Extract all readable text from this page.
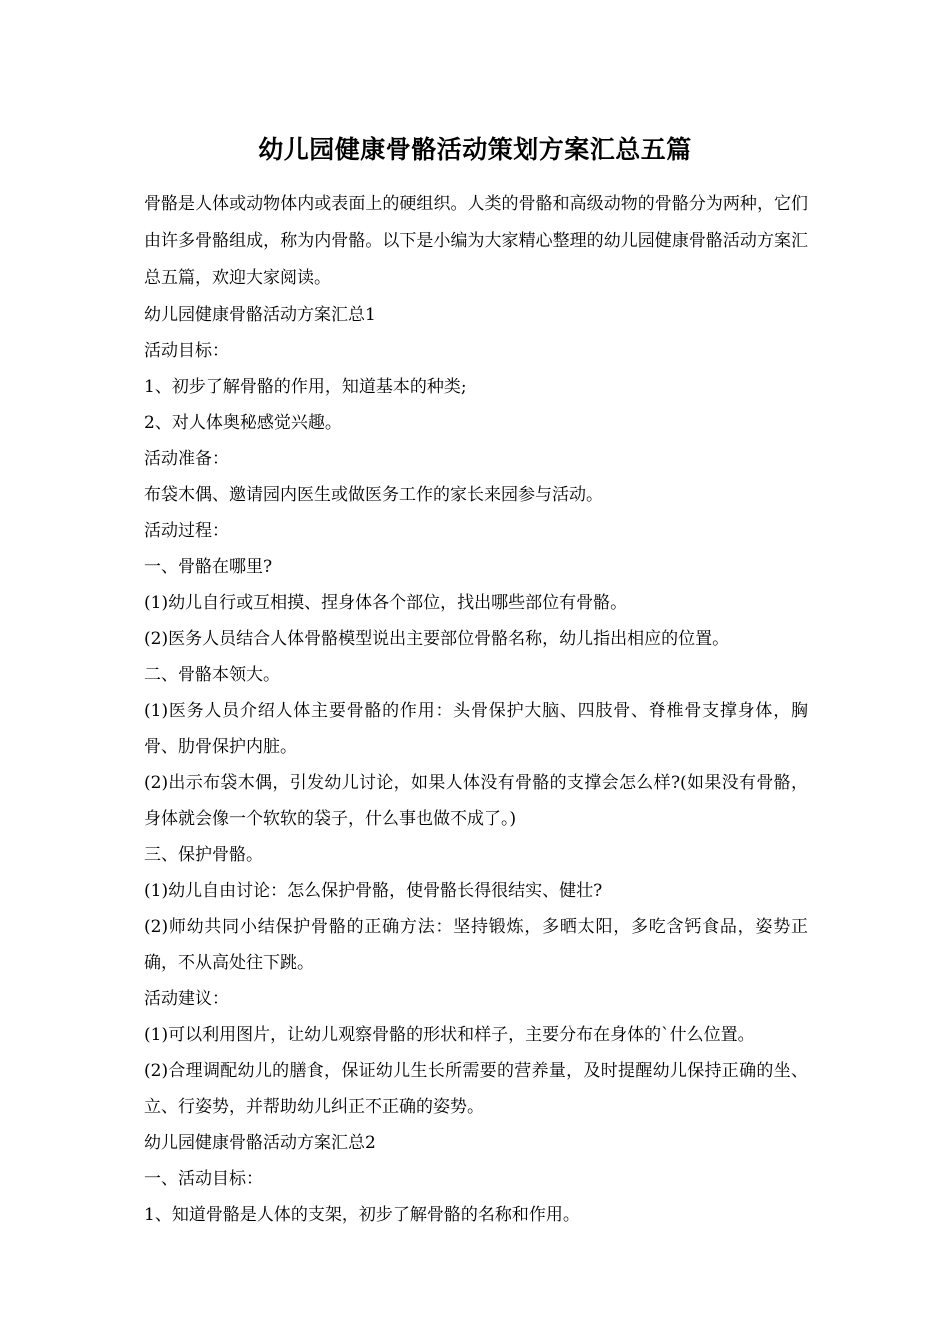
幼儿园健康骨骼活动策划方案汇总五篇

骨骼是人体或动物体内或表面上的硬组织。人类的骨骼和高级动物的骨骼分为两种，它们由许多骨骼组成，称为内骨骼。以下是小编为大家精心整理的幼儿园健康骨骼活动方案汇总五篇，欢迎大家阅读。

幼儿园健康骨骼活动方案汇总1

活动目标：

1、初步了解骨骼的作用，知道基本的种类;

2、对人体奥秘感觉兴趣。

活动准备：

布袋木偶、邀请园内医生或做医务工作的家长来园参与活动。

活动过程：

一、骨骼在哪里?

(1)幼儿自行或互相摸、捏身体各个部位，找出哪些部位有骨骼。

(2)医务人员结合人体骨骼模型说出主要部位骨骼名称，幼儿指出相应的位置。

二、骨骼本领大。

(1)医务人员介绍人体主要骨骼的作用：头骨保护大脑、四肢骨、脊椎骨支撑身体，胸骨、肋骨保护内脏。

(2)出示布袋木偶，引发幼儿讨论，如果人体没有骨骼的支撑会怎么样?(如果没有骨骼，身体就会像一个软软的袋子，什么事也做不成了。)

三、保护骨骼。

(1)幼儿自由讨论：怎么保护骨骼，使骨骼长得很结实、健壮?

(2)师幼共同小结保护骨骼的正确方法：坚持锻炼，多晒太阳，多吃含钙食品，姿势正确，不从高处往下跳。

活动建议：

(1)可以利用图片，让幼儿观察骨骼的形状和样子，主要分布在身体的`什么位置。

(2)合理调配幼儿的膳食，保证幼儿生长所需要的营养量，及时提醒幼儿保持正确的坐、立、行姿势，并帮助幼儿纠正不正确的姿势。

幼儿园健康骨骼活动方案汇总2

一、活动目标：

1、知道骨骼是人体的支架，初步了解骨骼的名称和作用。
